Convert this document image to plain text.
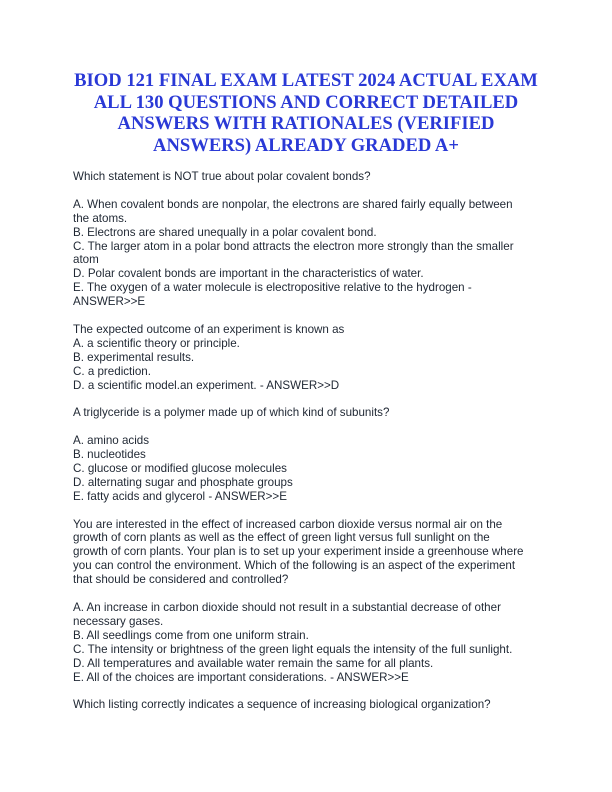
BIOD 121 FINAL EXAM LATEST 2024 ACTUAL EXAM
ALL 130 QUESTIONS AND CORRECT DETAILED
ANSWERS WITH RATIONALES (VERIFIED
ANSWERS) ALREADY GRADED A+
Which statement is NOT true about polar covalent bonds?
A. When covalent bonds are nonpolar, the electrons are shared fairly equally between
the atoms.
B. Electrons are shared unequally in a polar covalent bond.
C. The larger atom in a polar bond attracts the electron more strongly than the smaller
atom
D. Polar covalent bonds are important in the characteristics of water.
E. The oxygen of a water molecule is electropositive relative to the hydrogen -
ANSWER>>E
The expected outcome of an experiment is known as
A. a scientific theory or principle.
B. experimental results.
C. a prediction.
D. a scientific model.an experiment. - ANSWER>>D
A triglyceride is a polymer made up of which kind of subunits?
A. amino acids
B. nucleotides
C. glucose or modified glucose molecules
D. alternating sugar and phosphate groups
E. fatty acids and glycerol - ANSWER>>E
You are interested in the effect of increased carbon dioxide versus normal air on the
growth of corn plants as well as the effect of green light versus full sunlight on the
growth of corn plants. Your plan is to set up your experiment inside a greenhouse where
you can control the environment. Which of the following is an aspect of the experiment
that should be considered and controlled?
A. An increase in carbon dioxide should not result in a substantial decrease of other
necessary gases.
B. All seedlings come from one uniform strain.
C. The intensity or brightness of the green light equals the intensity of the full sunlight.
D. All temperatures and available water remain the same for all plants.
E. All of the choices are important considerations. - ANSWER>>E
Which listing correctly indicates a sequence of increasing biological organization?
